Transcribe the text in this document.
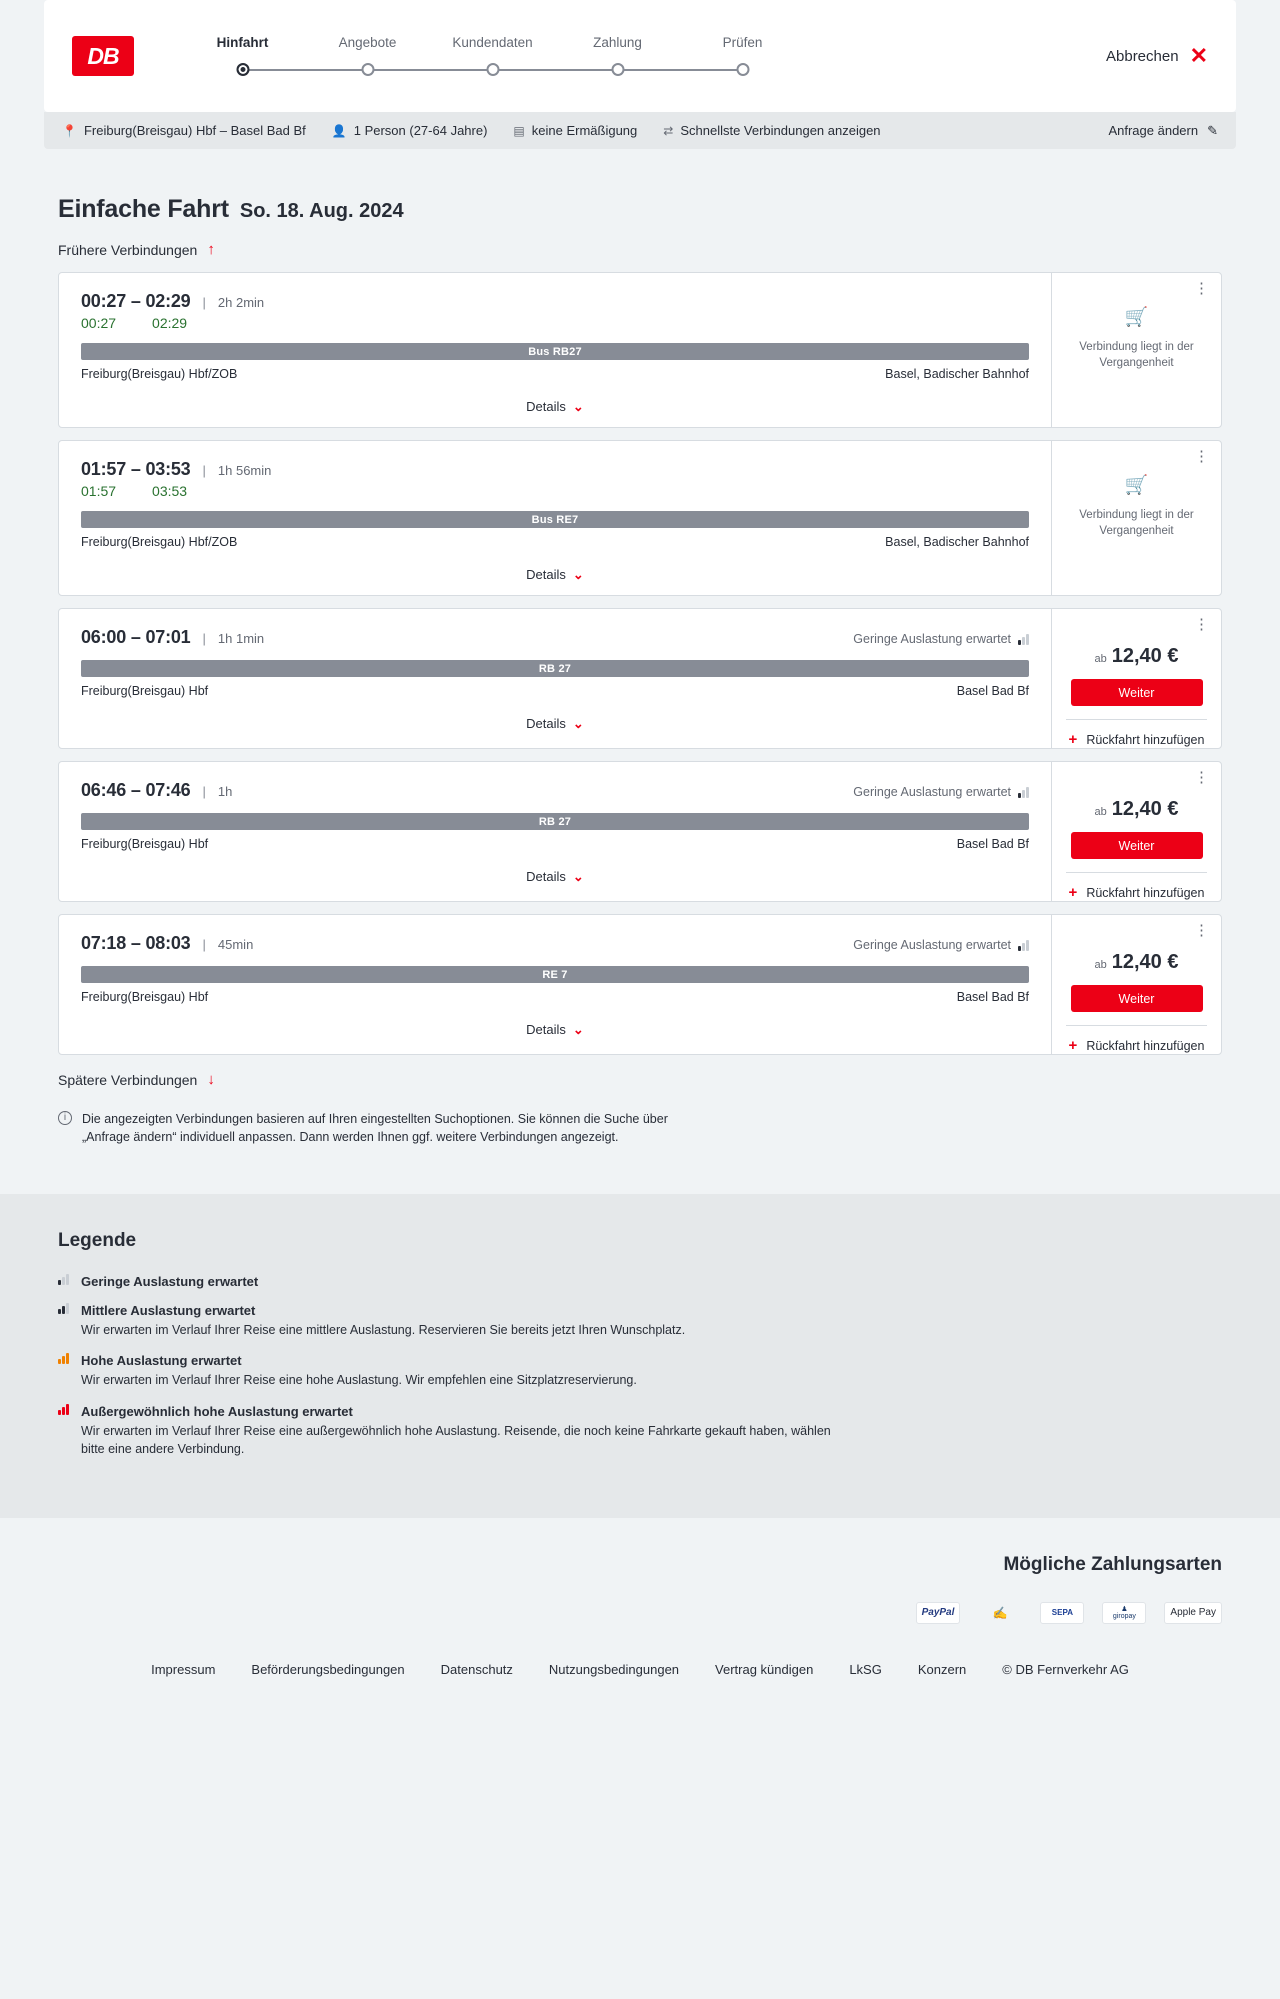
DB	Hinfahrt	Angebote	Kundendaten	Zahlung	Prüfen
Abbrechen ✕
📍 Freiburg(Breisgau) Hbf – Basel Bad Bf 👤 1 Person (27-64 Jahre) ▤ keine Ermäßigung ⇄ Schnellste Verbindungen anzeigen	Anfrage ändern ✎
Einfache Fahrt So. 18. Aug. 2024
Frühere Verbindungen ↑
00:27 – 02:29 | 2h 2min
00:27	02:29
Bus RB27
Freiburg(Breisgau) Hbf/ZOB	Basel, Badischer Bahnhof
Details ⌄
⋮
🛒
Verbindung liegt in der Vergangenheit
01:57 – 03:53 | 1h 56min
01:57	03:53
Bus RE7
Freiburg(Breisgau) Hbf/ZOB	Basel, Badischer Bahnhof
Details ⌄
⋮
🛒
Verbindung liegt in der Vergangenheit
06:00 – 07:01 | 1h 1min	Geringe Auslastung erwartet
RB 27
Freiburg(Breisgau) Hbf	Basel Bad Bf
Details ⌄
⋮
ab 12,40 €
Weiter
+ Rückfahrt hinzufügen
06:46 – 07:46 | 1h	Geringe Auslastung erwartet
RB 27
Freiburg(Breisgau) Hbf	Basel Bad Bf
Details ⌄
⋮
ab 12,40 €
Weiter
+ Rückfahrt hinzufügen
07:18 – 08:03 | 45min	Geringe Auslastung erwartet
RE 7
Freiburg(Breisgau) Hbf	Basel Bad Bf
Details ⌄
⋮
ab 12,40 €
Weiter
+ Rückfahrt hinzufügen
Spätere Verbindungen ↓
i	Die angezeigten Verbindungen basieren auf Ihren eingestellten Suchoptionen. Sie können die Suche über „Anfrage ändern“ individuell anpassen. Dann werden Ihnen ggf. weitere Verbindungen angezeigt.
Legende
Geringe Auslastung erwartet
Mittlere Auslastung erwartet
Wir erwarten im Verlauf Ihrer Reise eine mittlere Auslastung. Reservieren Sie bereits jetzt Ihren Wunschplatz.
Hohe Auslastung erwartet
Wir erwarten im Verlauf Ihrer Reise eine hohe Auslastung. Wir empfehlen eine Sitzplatzreservierung.
Außergewöhnlich hohe Auslastung erwartet
Wir erwarten im Verlauf Ihrer Reise eine außergewöhnlich hohe Auslastung. Reisende, die noch keine Fahrkarte gekauft haben, wählen bitte eine andere Verbindung.
Mögliche Zahlungsarten
PayPal	✍	SEPA	♟
giropay	Apple Pay
Impressum	Beförderungsbedingungen	Datenschutz	Nutzungsbedingungen	Vertrag kündigen	LkSG	Konzern	© DB Fernverkehr AG
